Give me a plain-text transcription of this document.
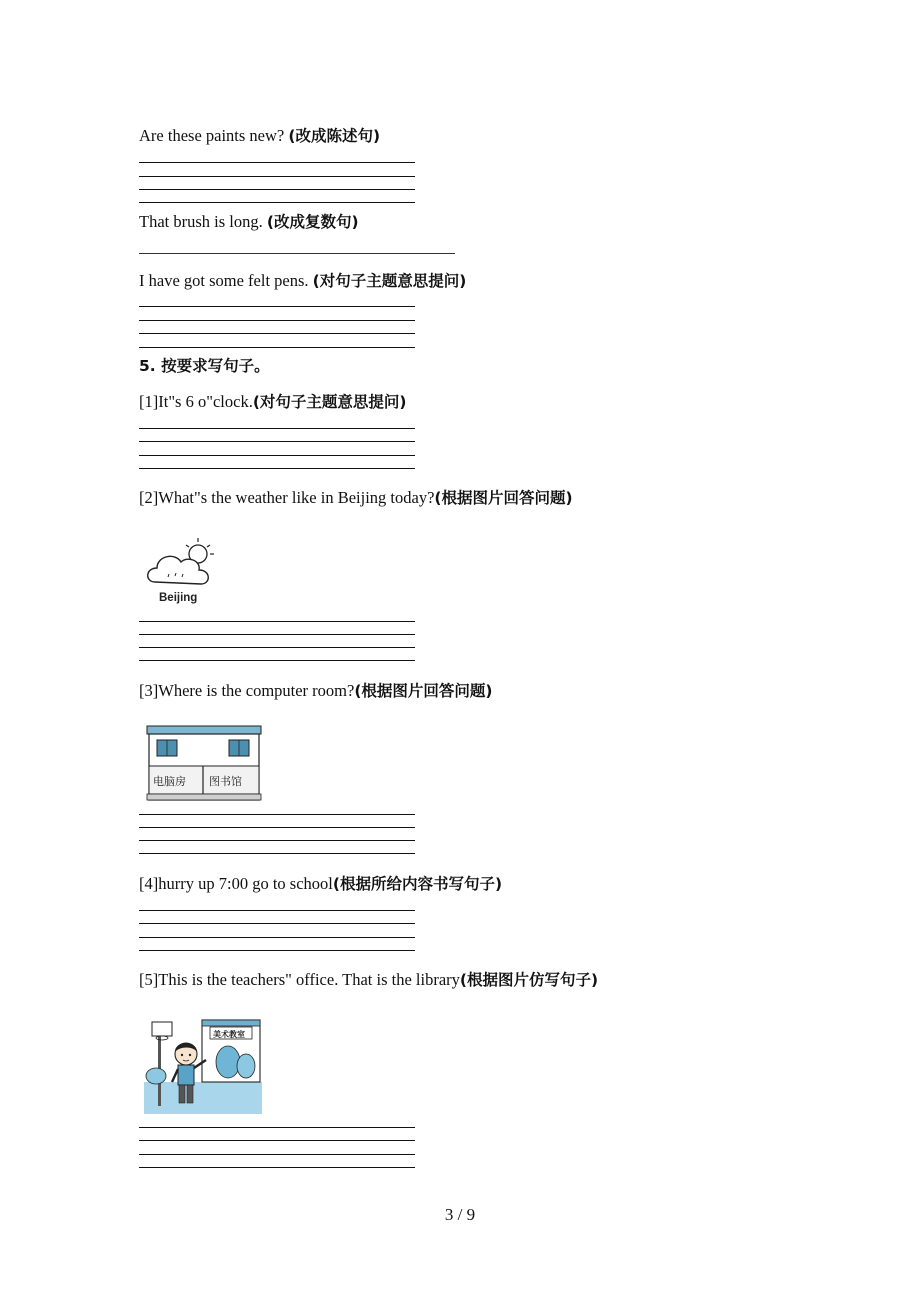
Are these paints new? (改成陈述句)
That brush is long. (改成复数句)
I have got some felt pens. (对句子主题意思提问)
5. 按要求写句子。
[1]It"s 6 o"clock.(对句子主题意思提问)
[2]What"s the weather like in Beijing today?(根据图片回答问题)
Beijing
[3]Where is the computer room?(根据图片回答问题)
电脑房 图书馆
[4]hurry up 7:00 go to school(根据所给内容书写句子)
[5]This is the teachers" office. That is the library(根据图片仿写句子)
美术教室
3 / 9
